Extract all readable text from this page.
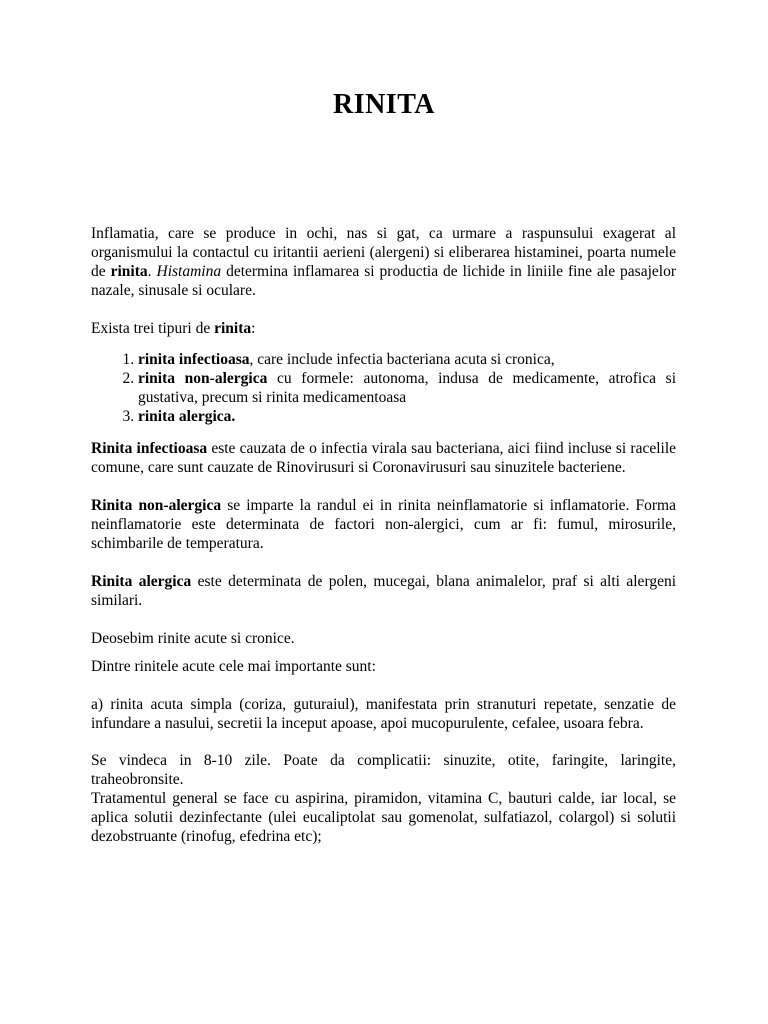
RINITA

Inflamatia, care se produce in ochi, nas si gat, ca urmare a raspunsului exagerat al organismului la contactul cu iritantii aerieni (alergeni) si eliberarea histaminei, poarta numele de rinita. Histamina determina inflamarea si productia de lichide in liniile fine ale pasajelor nazale, sinusale si oculare.

Exista trei tipuri de rinita:

1. rinita infectioasa, care include infectia bacteriana acuta si cronica,
2. rinita non-alergica cu formele: autonoma, indusa de medicamente, atrofica si gustativa, precum si rinita medicamentoasa
3. rinita alergica.

Rinita infectioasa este cauzata de o infectia virala sau bacteriana, aici fiind incluse si racelile comune, care sunt cauzate de Rinovirusuri si Coronavirusuri sau sinuzitele bacteriene.

Rinita non-alergica se imparte la randul ei in rinita neinflamatorie si inflamatorie. Forma neinflamatorie este determinata de factori non-alergici, cum ar fi: fumul, mirosurile, schimbarile de temperatura.

Rinita alergica este determinata de polen, mucegai, blana animalelor, praf si alti alergeni similari.

Deosebim rinite acute si cronice.

Dintre rinitele acute cele mai importante sunt:

a) rinita acuta simpla (coriza, guturaiul), manifestata prin stranuturi repetate, senzatie de infundare a nasului, secretii la inceput apoase, apoi mucopurulente, cefalee, usoara febra.

Se vindeca in 8-10 zile. Poate da complicatii: sinuzite, otite, faringite, laringite, traheobronsite.

Tratamentul general se face cu aspirina, piramidon, vitamina C, bauturi calde, iar local, se aplica solutii dezinfectante (ulei eucaliptolat sau gomenolat, sulfatiazol, colargol) si solutii dezobstruante (rinofug, efedrina etc);
